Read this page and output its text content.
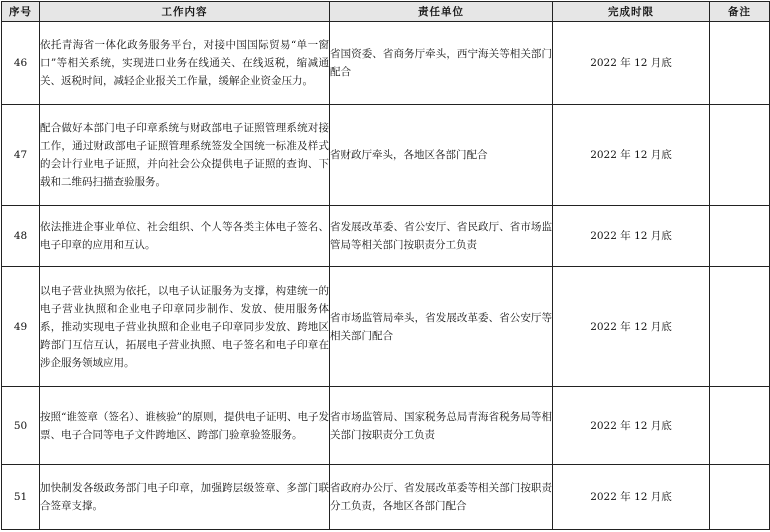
序号	工作内容	责任单位	完成时限	备注
46	依托青海省一体化政务服务平台，对接中国国际贸易“单一窗口”等相关系统，实现进口业务在线通关、在线返税，缩减通关、返税时间，减轻企业报关工作量，缓解企业资金压力。	省国资委、省商务厅牵头，西宁海关等相关部门配合	2022 年 12 月底	
47	配合做好本部门电子印章系统与财政部电子证照管理系统对接工作，通过财政部电子证照管理系统签发全国统一标准及样式的会计行业电子证照，并向社会公众提供电子证照的查询、下载和二维码扫描查验服务。	省财政厅牵头，各地区各部门配合	2022 年 12 月底	
48	依法推进企事业单位、社会组织、个人等各类主体电子签名、电子印章的应用和互认。	省发展改革委、省公安厅、省民政厅、省市场监管局等相关部门按职责分工负责	2022 年 12 月底	
49	以电子营业执照为依托，以电子认证服务为支撑，构建统一的电子营业执照和企业电子印章同步制作、发放、使用服务体系，推动实现电子营业执照和企业电子印章同步发放、跨地区跨部门互信互认，拓展电子营业执照、电子签名和电子印章在涉企服务领域应用。	省市场监管局牵头，省发展改革委、省公安厅等相关部门配合	2022 年 12 月底	
50	按照“谁签章（签名）、谁核验”的原则，提供电子证明、电子发票、电子合同等电子文件跨地区、跨部门验章验签服务。	省市场监管局、国家税务总局青海省税务局等相关部门按职责分工负责	2022 年 12 月底	
51	加快制发各级政务部门电子印章，加强跨层级签章、多部门联合签章支撑。	省政府办公厅、省发展改革委等相关部门按职责分工负责，各地区各部门配合	2022 年 12 月底	
